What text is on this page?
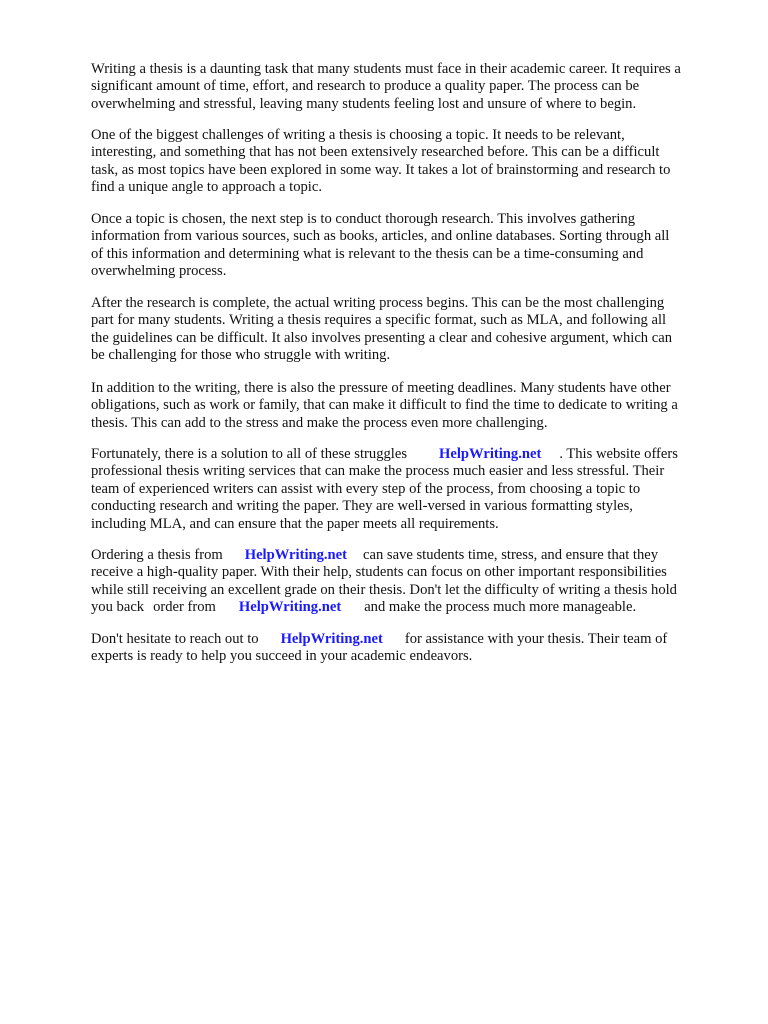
Writing a thesis is a daunting task that many students must face in their academic career. It requires a
significant amount of time, effort, and research to produce a quality paper. The process can be
overwhelming and stressful, leaving many students feeling lost and unsure of where to begin.

One of the biggest challenges of writing a thesis is choosing a topic. It needs to be relevant,
interesting, and something that has not been extensively researched before. This can be a difficult
task, as most topics have been explored in some way. It takes a lot of brainstorming and research to
find a unique angle to approach a topic.

Once a topic is chosen, the next step is to conduct thorough research. This involves gathering
information from various sources, such as books, articles, and online databases. Sorting through all
of this information and determining what is relevant to the thesis can be a time-consuming and
overwhelming process.

After the research is complete, the actual writing process begins. This can be the most challenging
part for many students. Writing a thesis requires a specific format, such as MLA, and following all
the guidelines can be difficult. It also involves presenting a clear and cohesive argument, which can
be challenging for those who struggle with writing.

In addition to the writing, there is also the pressure of meeting deadlines. Many students have other
obligations, such as work or family, that can make it difficult to find the time to dedicate to writing a
thesis. This can add to the stress and make the process even more challenging.

Fortunately, there is a solution to all of these struggles HelpWriting.net . This website offers
professional thesis writing services that can make the process much easier and less stressful. Their
team of experienced writers can assist with every step of the process, from choosing a topic to
conducting research and writing the paper. They are well-versed in various formatting styles,
including MLA, and can ensure that the paper meets all requirements.

Ordering a thesis from HelpWriting.net can save students time, stress, and ensure that they
receive a high-quality paper. With their help, students can focus on other important responsibilities
while still receiving an excellent grade on their thesis. Don't let the difficulty of writing a thesis hold
you back order from HelpWriting.net and make the process much more manageable.

Don't hesitate to reach out to HelpWriting.net for assistance with your thesis. Their team of
experts is ready to help you succeed in your academic endeavors.
